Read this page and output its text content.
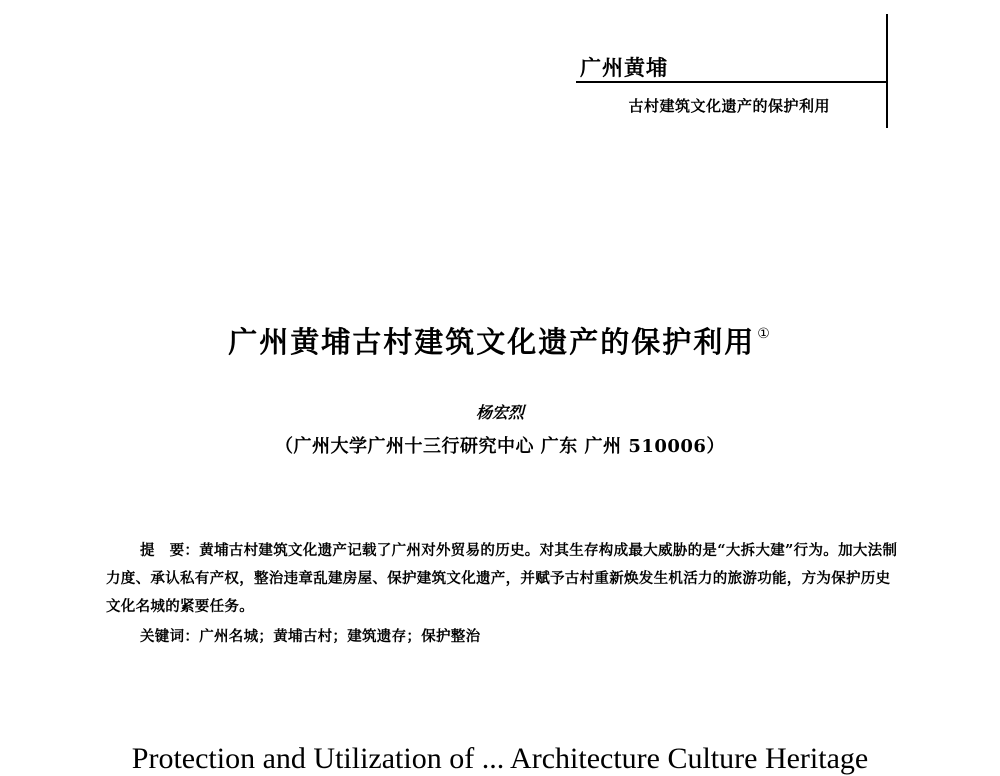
广州黄埔
古村建筑文化遗产的保护利用
广州黄埔古村建筑文化遗产的保护利用 ①
杨宏烈
（广州大学广州十三行研究中心 广东 广州 510006）
提　要：黄埔古村建筑文化遗产记载了广州对外贸易的历史。对其生存构成最大威胁的是“大拆大建”行为。加大法制力度、承认私有产权，整治违章乱建房屋、保护建筑文化遗产，并赋予古村重新焕发生机活力的旅游功能，方为保护历史文化名城的紧要任务。
关键词：广州名城；黄埔古村；建筑遗存；保护整治
Protection and Utilization of ... Architecture Culture Heritage
